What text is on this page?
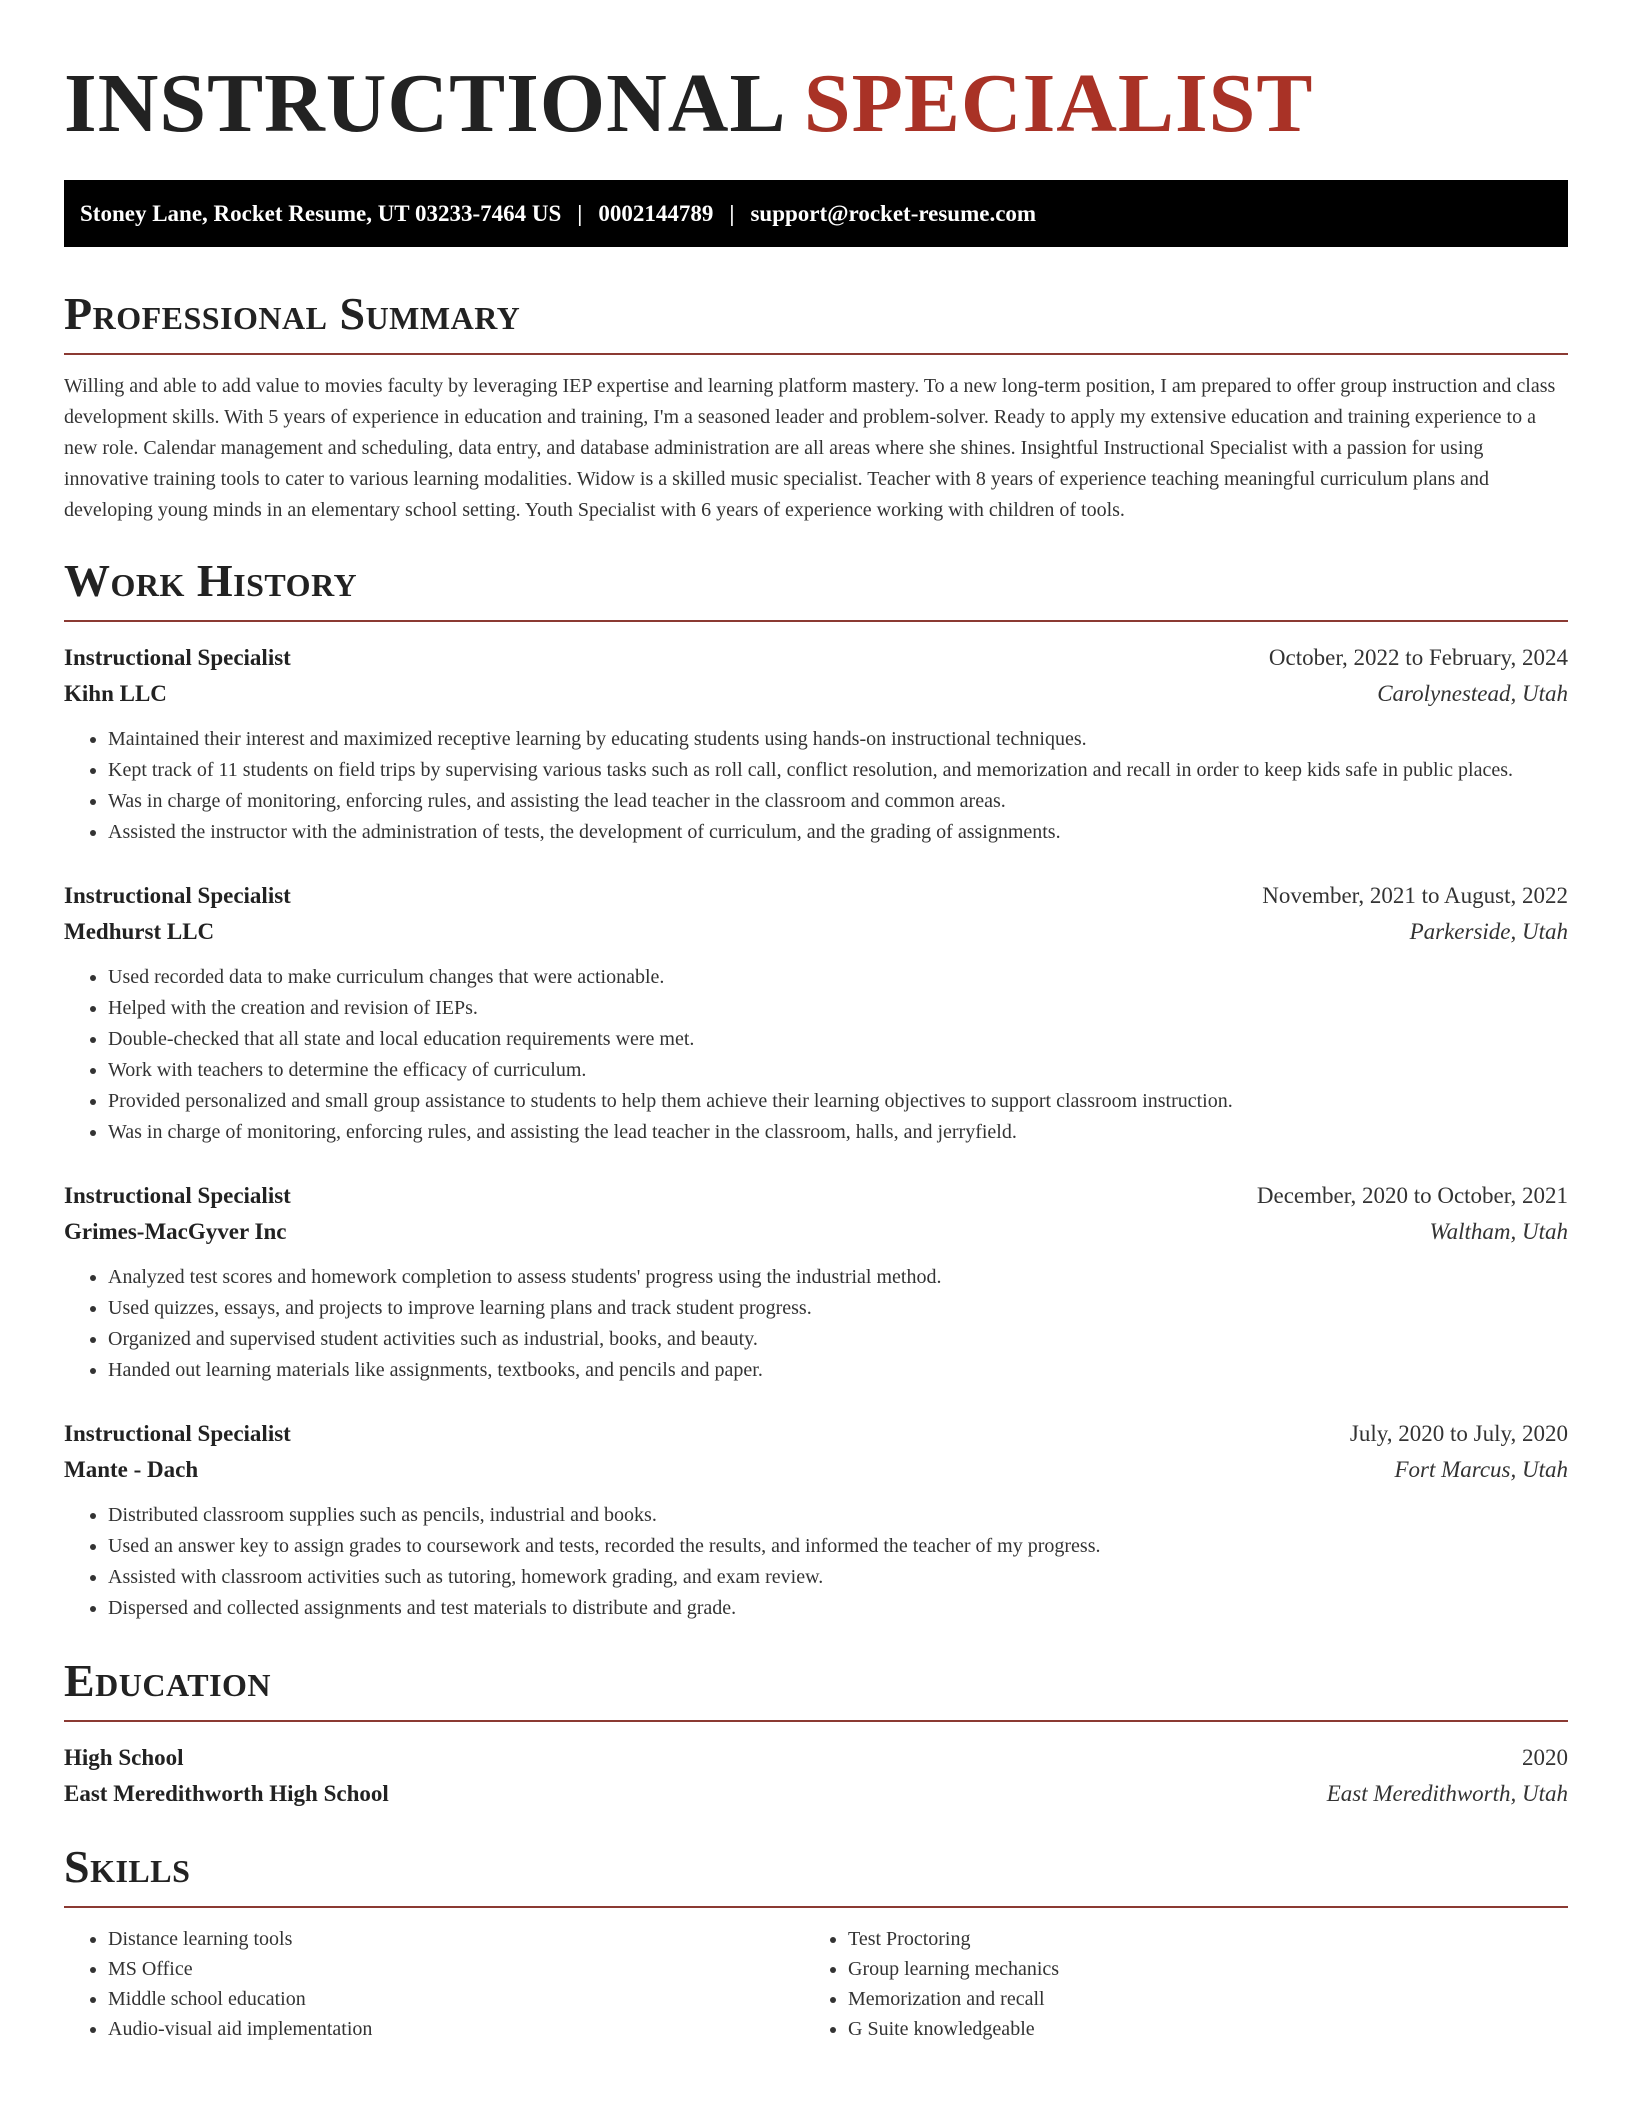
INSTRUCTIONAL SPECIALIST
Stoney Lane, Rocket Resume, UT 03233-7464 US | 0002144789 | support@rocket-resume.com
Professional Summary

Willing and able to add value to movies faculty by leveraging IEP expertise and learning platform mastery. To a new long-term position, I am prepared to offer group instruction and class development skills. With 5 years of experience in education and training, I'm a seasoned leader and problem-solver. Ready to apply my extensive education and training experience to a new role. Calendar management and scheduling, data entry, and database administration are all areas where she shines. Insightful Instructional Specialist with a passion for using innovative training tools to cater to various learning modalities. Widow is a skilled music specialist. Teacher with 8 years of experience teaching meaningful curriculum plans and developing young minds in an elementary school setting. Youth Specialist with 6 years of experience working with children of tools.

Work History
Instructional Specialist	October, 2022 to February, 2024
Kihn LLC	Carolynestead, Utah
• Maintained their interest and maximized receptive learning by educating students using hands-on instructional techniques.
• Kept track of 11 students on field trips by supervising various tasks such as roll call, conflict resolution, and memorization and recall in order to keep kids safe in public places.
• Was in charge of monitoring, enforcing rules, and assisting the lead teacher in the classroom and common areas.
• Assisted the instructor with the administration of tests, the development of curriculum, and the grading of assignments.
Instructional Specialist	November, 2021 to August, 2022
Medhurst LLC	Parkerside, Utah
• Used recorded data to make curriculum changes that were actionable.
• Helped with the creation and revision of IEPs.
• Double-checked that all state and local education requirements were met.
• Work with teachers to determine the efficacy of curriculum.
• Provided personalized and small group assistance to students to help them achieve their learning objectives to support classroom instruction.
• Was in charge of monitoring, enforcing rules, and assisting the lead teacher in the classroom, halls, and jerryfield.
Instructional Specialist	December, 2020 to October, 2021
Grimes-MacGyver Inc	Waltham, Utah
• Analyzed test scores and homework completion to assess students' progress using the industrial method.
• Used quizzes, essays, and projects to improve learning plans and track student progress.
• Organized and supervised student activities such as industrial, books, and beauty.
• Handed out learning materials like assignments, textbooks, and pencils and paper.
Instructional Specialist	July, 2020 to July, 2020
Mante - Dach	Fort Marcus, Utah
• Distributed classroom supplies such as pencils, industrial and books.
• Used an answer key to assign grades to coursework and tests, recorded the results, and informed the teacher of my progress.
• Assisted with classroom activities such as tutoring, homework grading, and exam review.
• Dispersed and collected assignments and test materials to distribute and grade.
Education
High School	2020
East Meredithworth High School	East Meredithworth, Utah
Skills
• Distance learning tools
• MS Office
• Middle school education
• Audio-visual aid implementation
• Test Proctoring
• Group learning mechanics
• Memorization and recall
• G Suite knowledgeable
